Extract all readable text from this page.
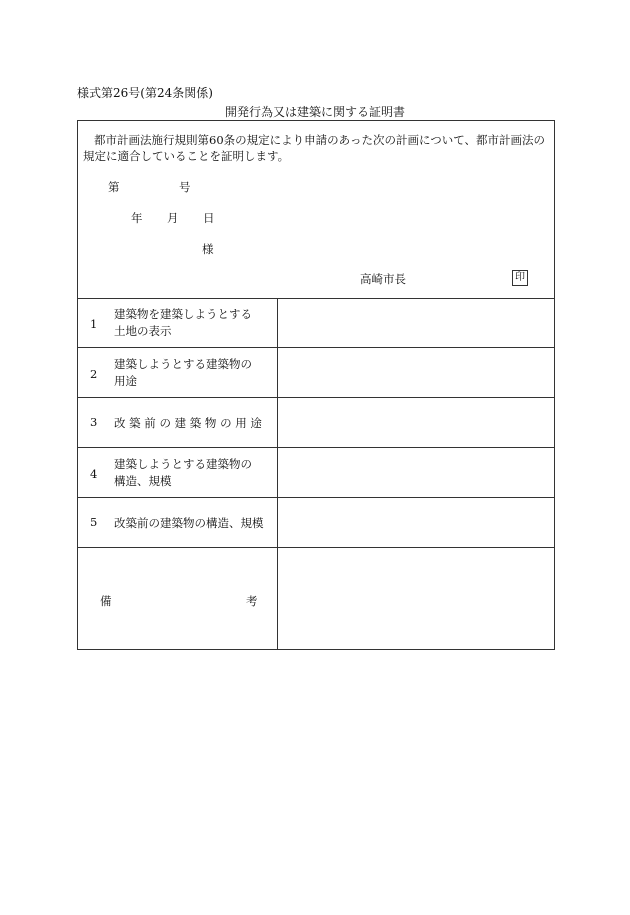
様式第26号(第24条関係)
開発行為又は建築に関する証明書
都市計画法施行規則第60条の規定により申請のあった次の計画について、都市計画法の規定に適合していることを証明します。
第	号
年 月 日
様
高崎市長	印
1
建築物を建築しようとする
土地の表示
2
建築しようとする建築物の
用途
3 改 築 前 の 建 築 物 の 用 途
4
建築しようとする建築物の
構造、規模
5 改築前の建築物の構造、規模
備	考
